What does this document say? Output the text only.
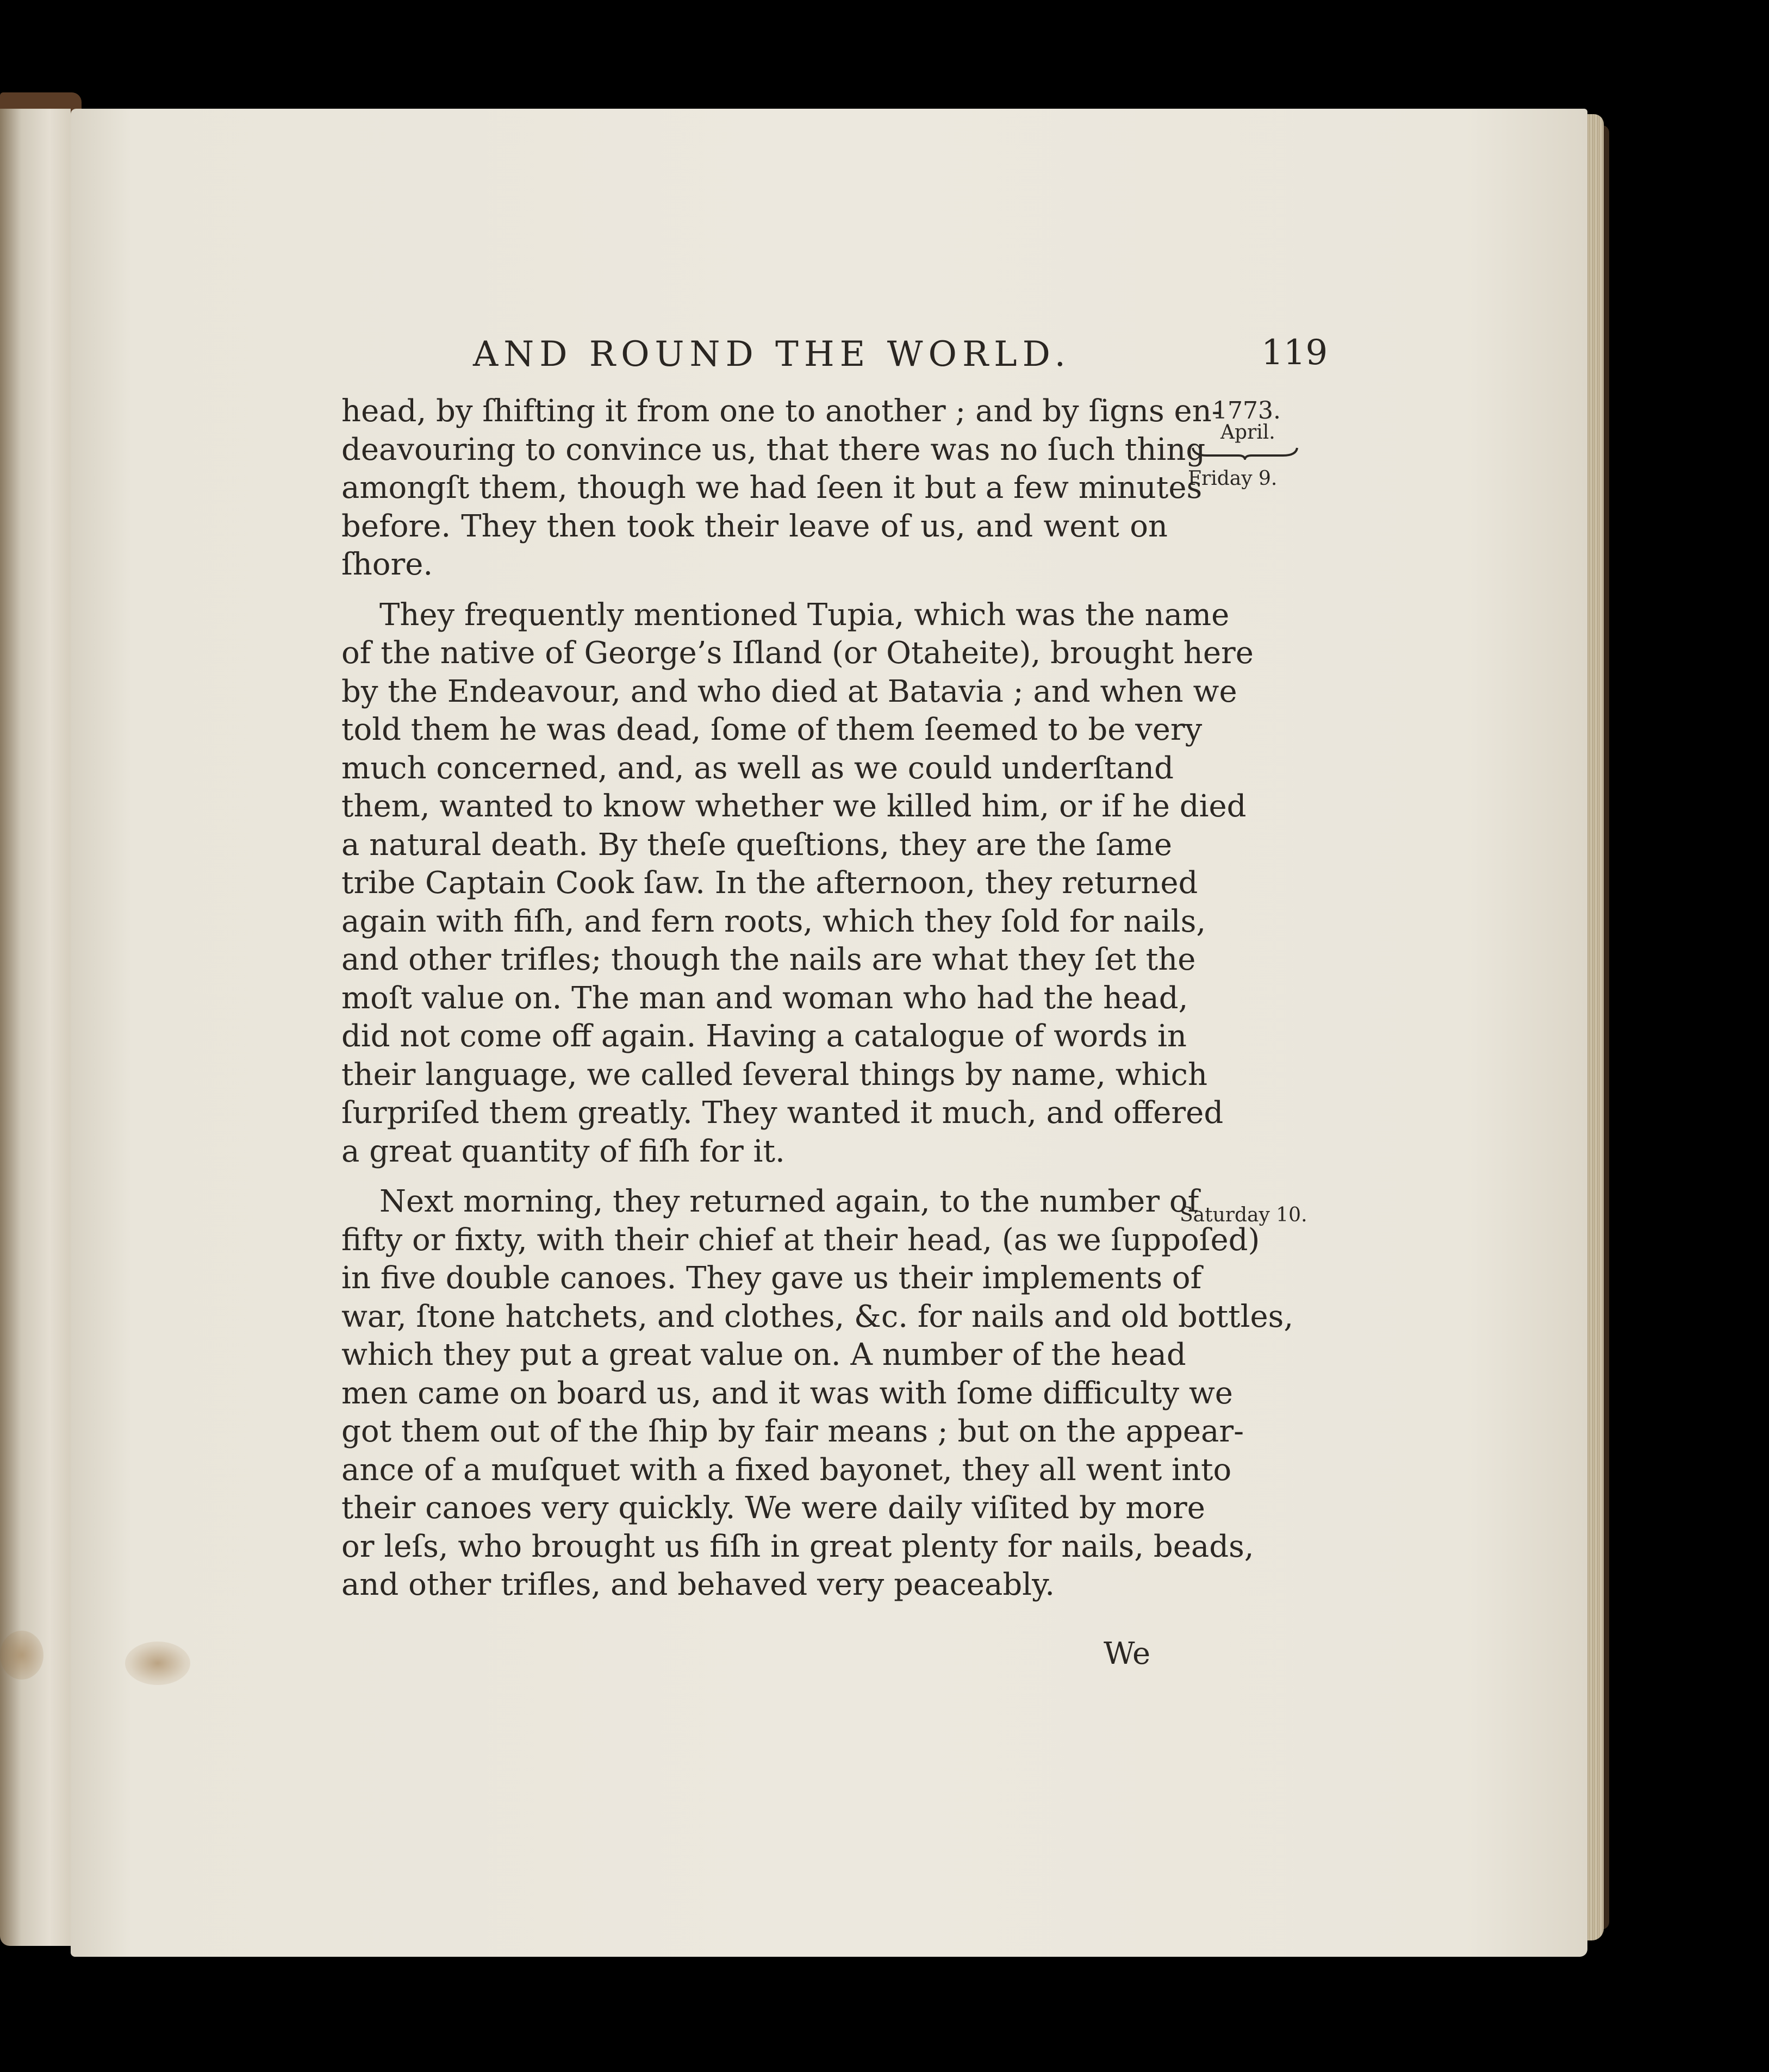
AND ROUND THE WORLD.	119
1773.
April.
Friday 9.
Saturday 10.

head, by ſhifting it from one to another ; and by ſigns en-
deavouring to convince us, that there was no ſuch thing
amongſt them, though we had ſeen it but a few minutes
before. They then took their leave of us, and went on
ſhore.

They frequently mentioned Tupia, which was the name
of the native of George’s Iſland (or Otaheite), brought here
by the Endeavour, and who died at Batavia ; and when we
told them he was dead, ſome of them ſeemed to be very
much concerned, and, as well as we could underſtand
them, wanted to know whether we killed him, or if he died
a natural death. By theſe queſtions, they are the ſame
tribe Captain Cook ſaw. In the afternoon, they returned
again with fiſh, and fern roots, which they ſold for nails,
and other trifles; though the nails are what they ſet the
moſt value on. The man and woman who had the head,
did not come off again. Having a catalogue of words in
their language, we called ſeveral things by name, which
ſurpriſed them greatly. They wanted it much, and offered
a great quantity of fiſh for it.

Next morning, they returned again, to the number of
fifty or fixty, with their chief at their head, (as we ſuppoſed)
in five double canoes. They gave us their implements of
war, ſtone hatchets, and clothes, &c. for nails and old bottles,
which they put a great value on. A number of the head
men came on board us, and it was with ſome difficulty we
got them out of the ſhip by fair means ; but on the appear-
ance of a muſquet with a fixed bayonet, they all went into
their canoes very quickly. We were daily viſited by more
or leſs, who brought us fiſh in great plenty for nails, beads,
and other trifles, and behaved very peaceably.

We
